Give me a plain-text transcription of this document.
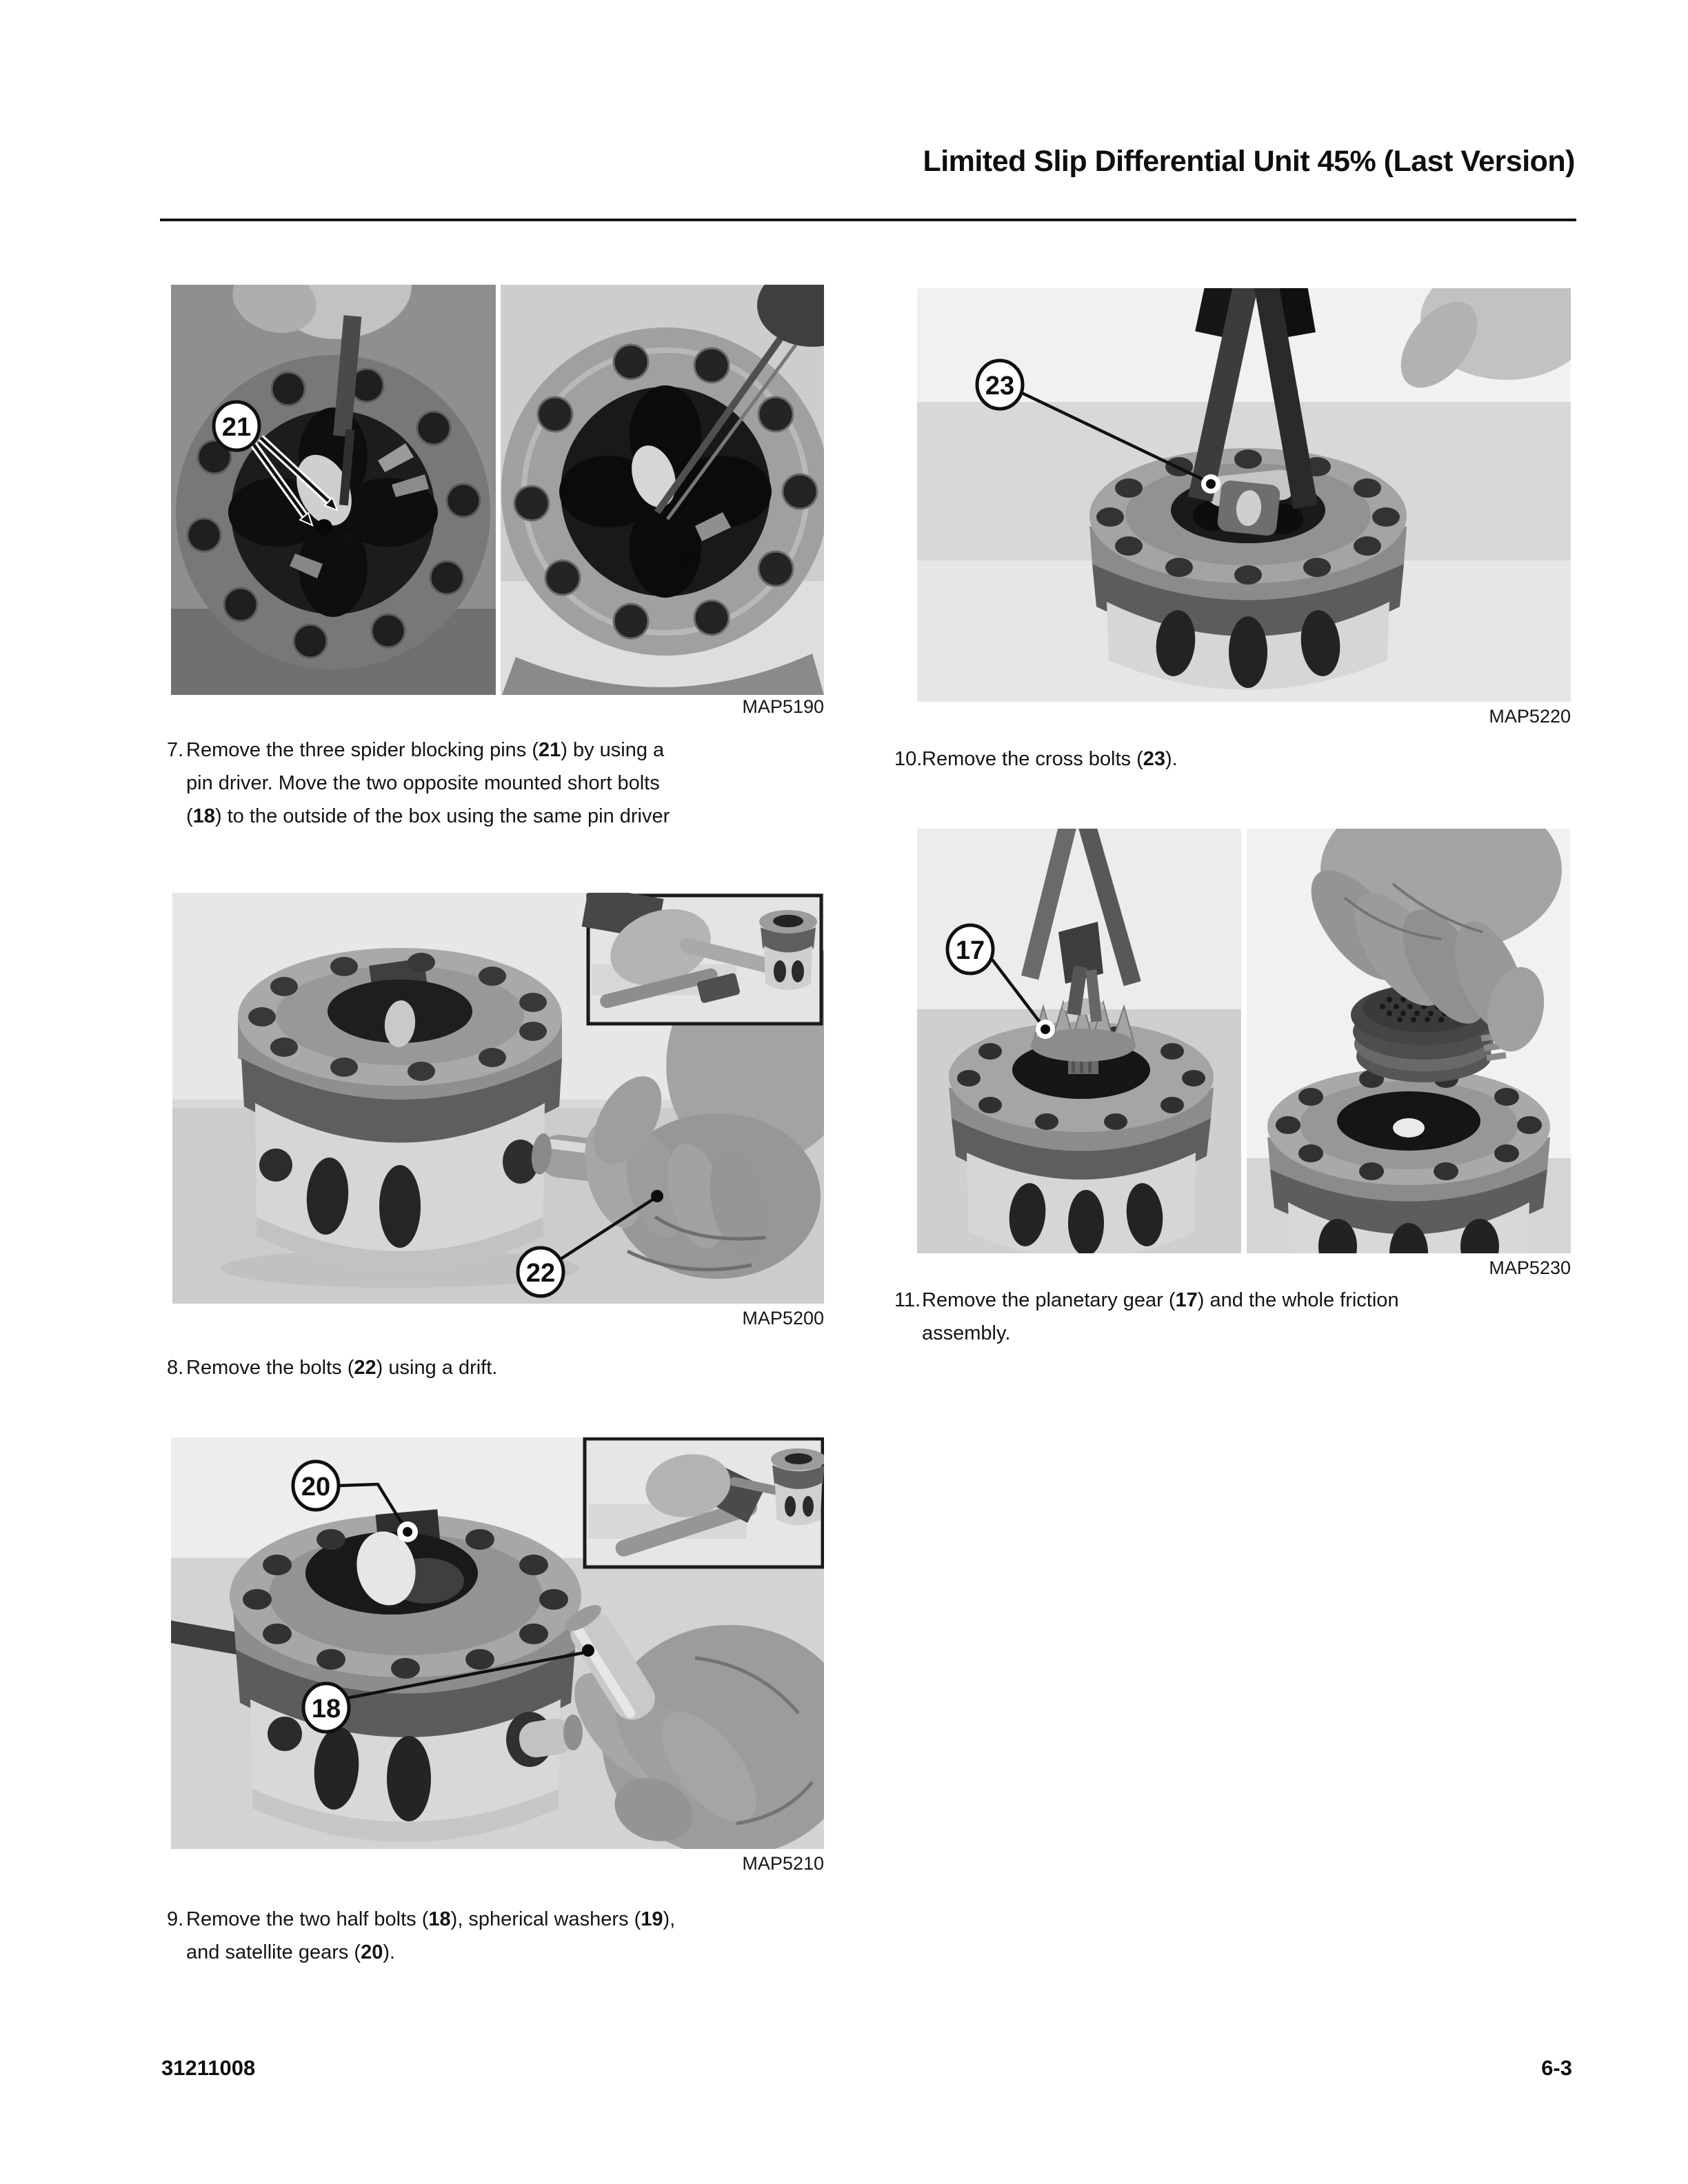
Limited Slip Differential Unit 45% (Last Version)
21
MAP5190
7. Remove the three spider blocking pins (21) by using a
pin driver. Move the two opposite mounted short bolts
(18) to the outside of the box using the same pin driver
22
MAP5200
8. Remove the bolts (22) using a drift.
20
18
MAP5210
9. Remove the two half bolts (18), spherical washers (19),
and satellite gears (20).
23
MAP5220
10. Remove the cross bolts (23).
17
MAP5230
11. Remove the planetary gear (17) and the whole friction
assembly.
31211008	6-3
